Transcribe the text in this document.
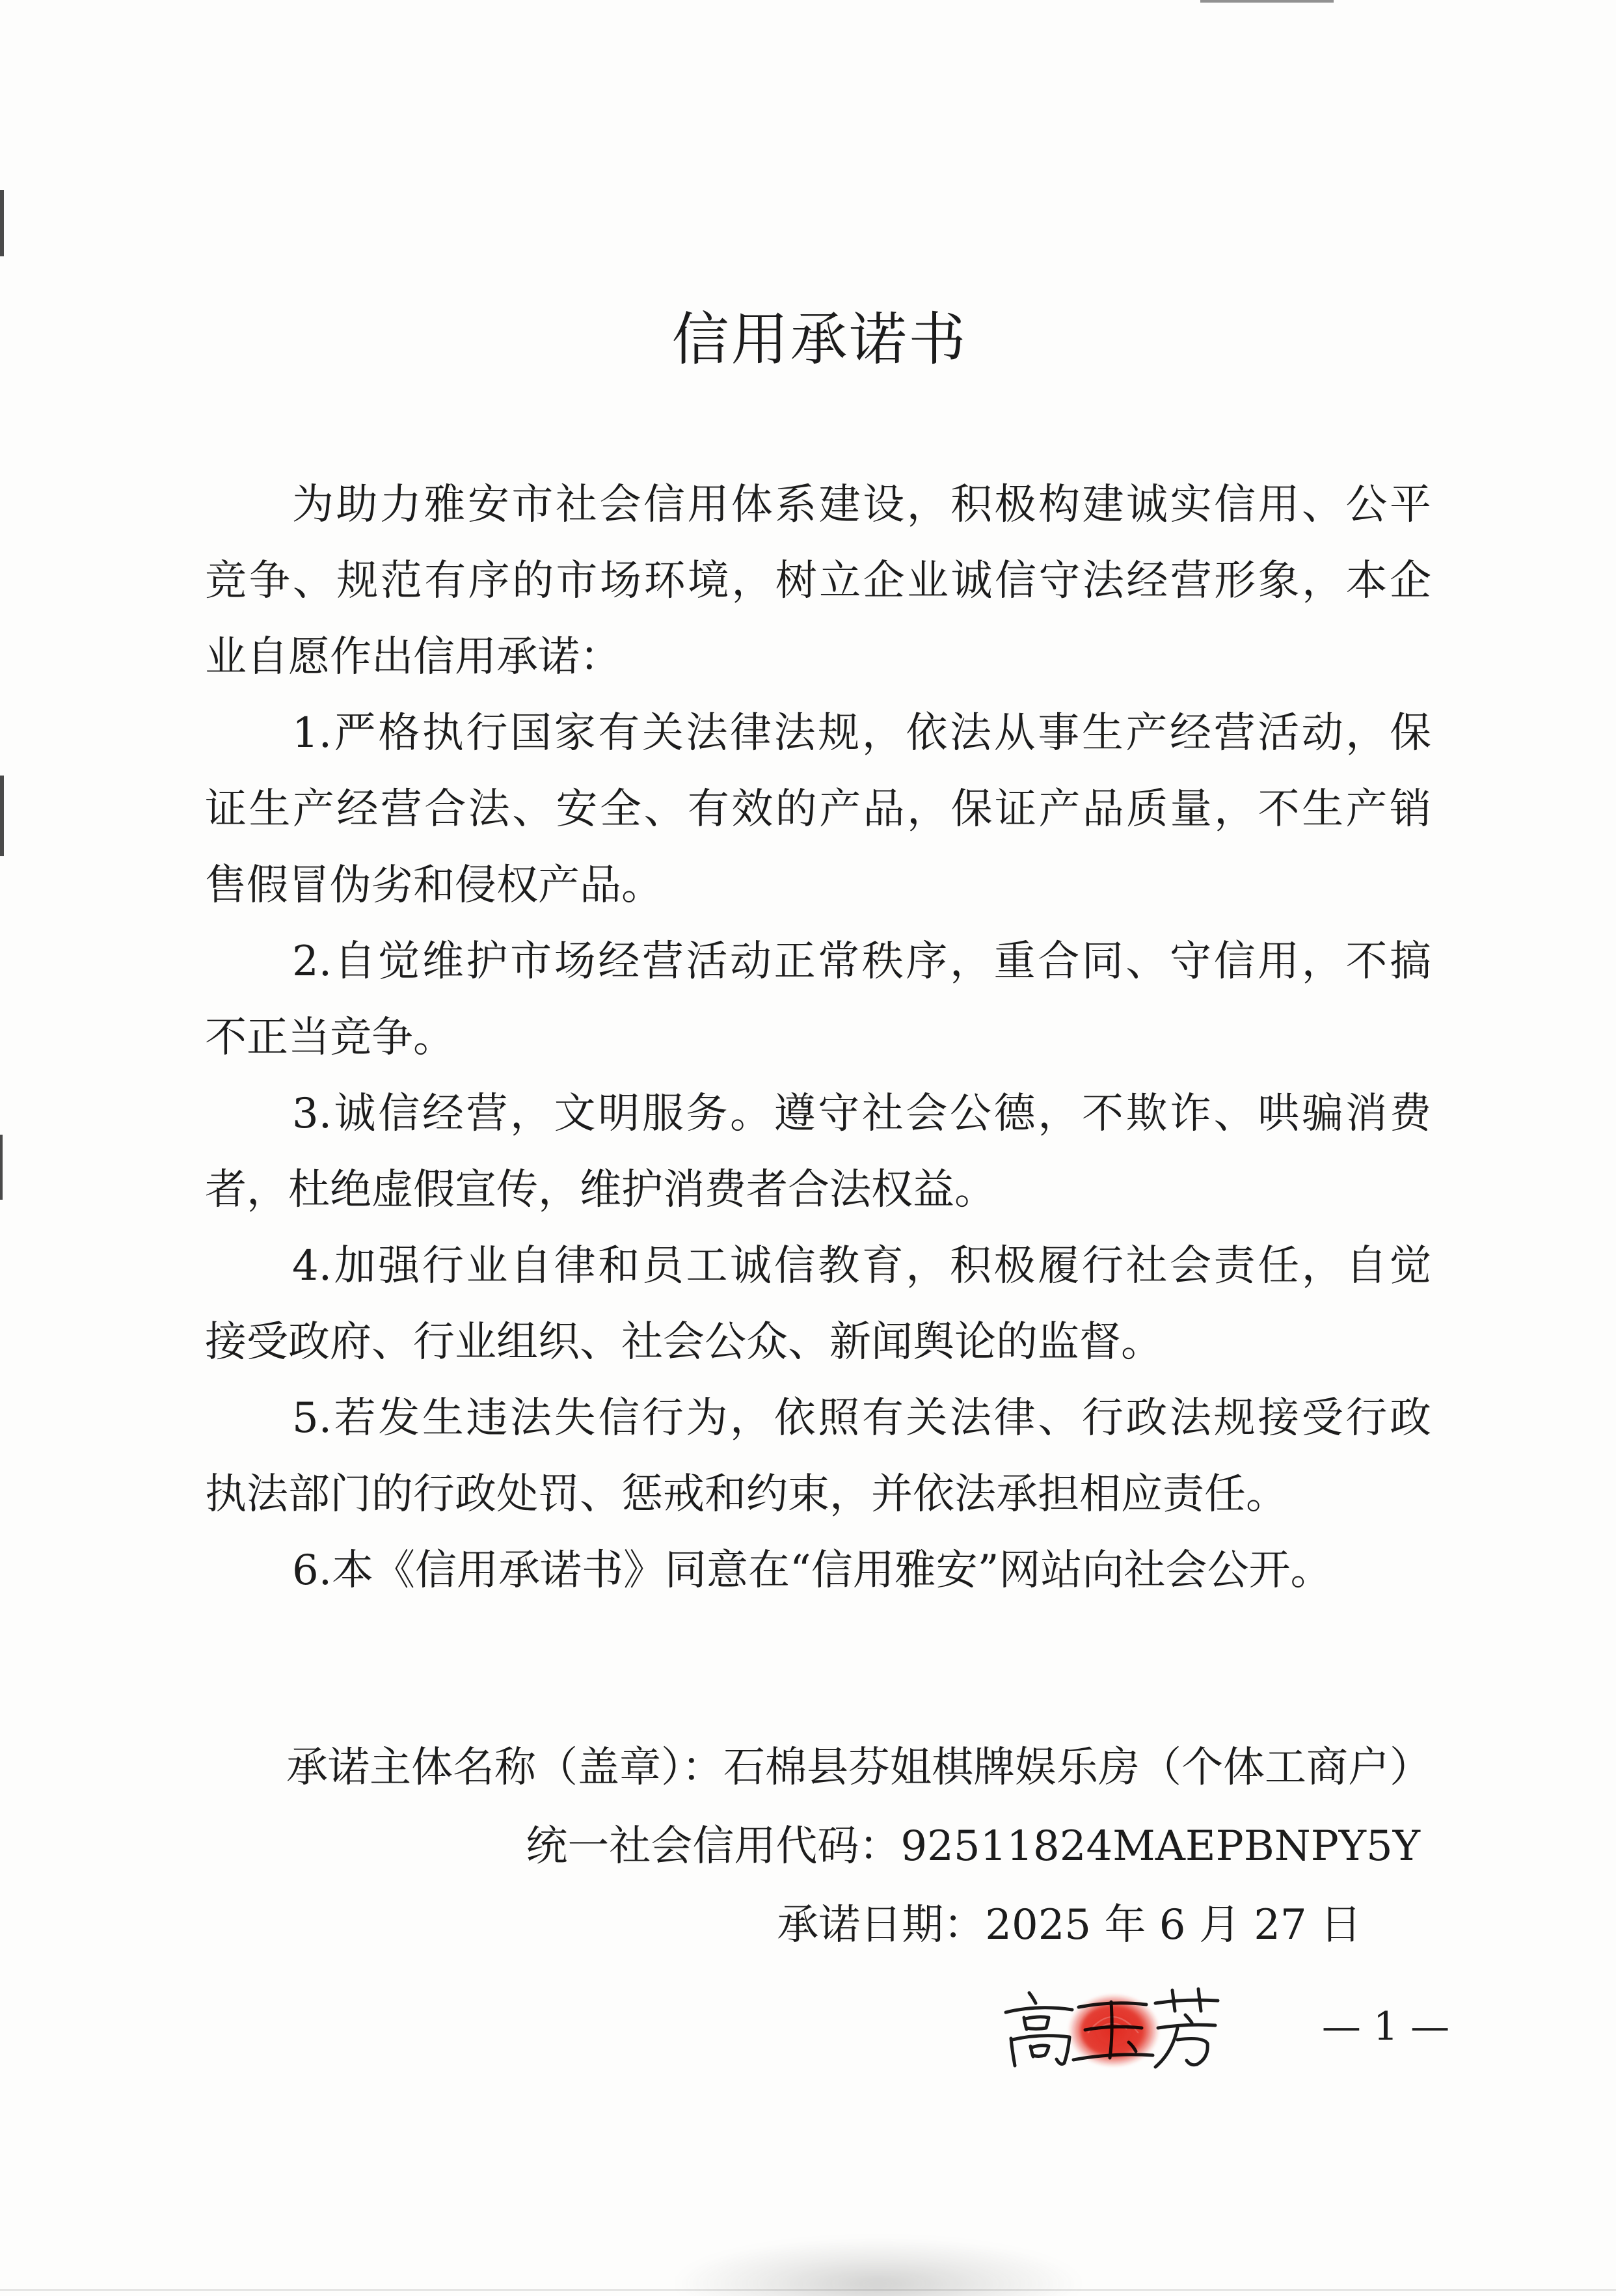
信用承诺书
为助力雅安市社会信用体系建设，积极构建诚实信用、公平
竞争、规范有序的市场环境，树立企业诚信守法经营形象，本企
业自愿作出信用承诺：
1.严格执行国家有关法律法规，依法从事生产经营活动，保
证生产经营合法、安全、有效的产品，保证产品质量，不生产销
售假冒伪劣和侵权产品。
2.自觉维护市场经营活动正常秩序，重合同、守信用，不搞
不正当竞争。
3.诚信经营，文明服务。遵守社会公德，不欺诈、哄骗消费
者，杜绝虚假宣传，维护消费者合法权益。
4.加强行业自律和员工诚信教育，积极履行社会责任，自觉
接受政府、行业组织、社会公众、新闻舆论的监督。
5.若发生违法失信行为，依照有关法律、行政法规接受行政
执法部门的行政处罚、惩戒和约束，并依法承担相应责任。
6.本《信用承诺书》同意在“信用雅安”网站向社会公开。
承诺主体名称（盖章）：石棉县芬姐棋牌娱乐房（个体工商户）
统一社会信用代码：92511824MAEPBNPY5Y
承诺日期：2025 年 6 月 27 日
— 1 —
